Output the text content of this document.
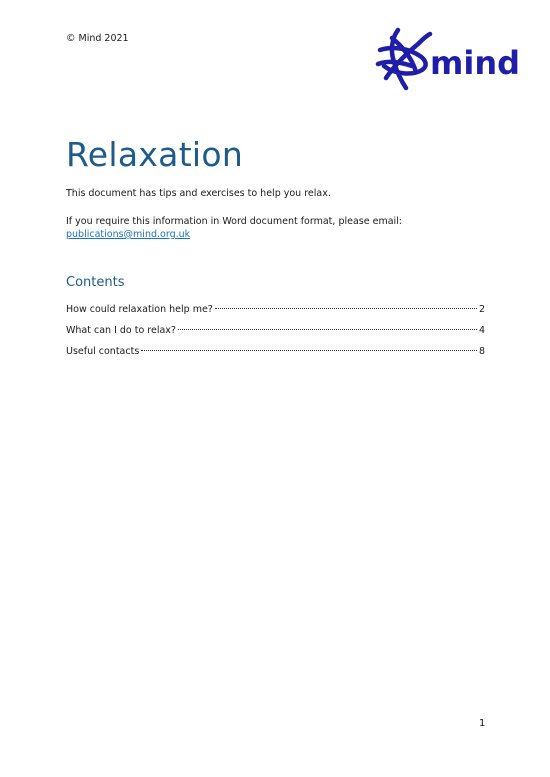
© Mind 2021
mind
Relaxation

This document has tips and exercises to help you relax.

If you require this information in Word document format, please email:
publications@mind.org.uk

Contents
How could relaxation help me?	2
What can I do to relax?	4
Useful contacts	8
1
